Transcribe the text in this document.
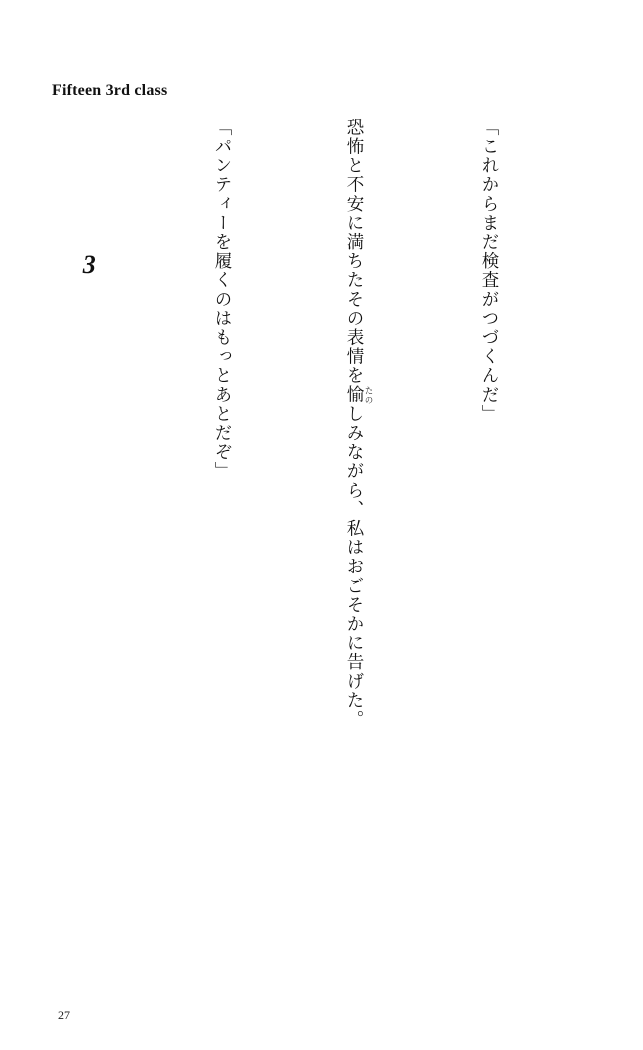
Fifteen 3rd class

「これからまだ検査がつづくんだ」

恐怖と不安に満ちたその表情を愉 たのしみながら、私はおごそかに告げた。

「パンティーを履くのはもっとあとだぞ」

3

27
